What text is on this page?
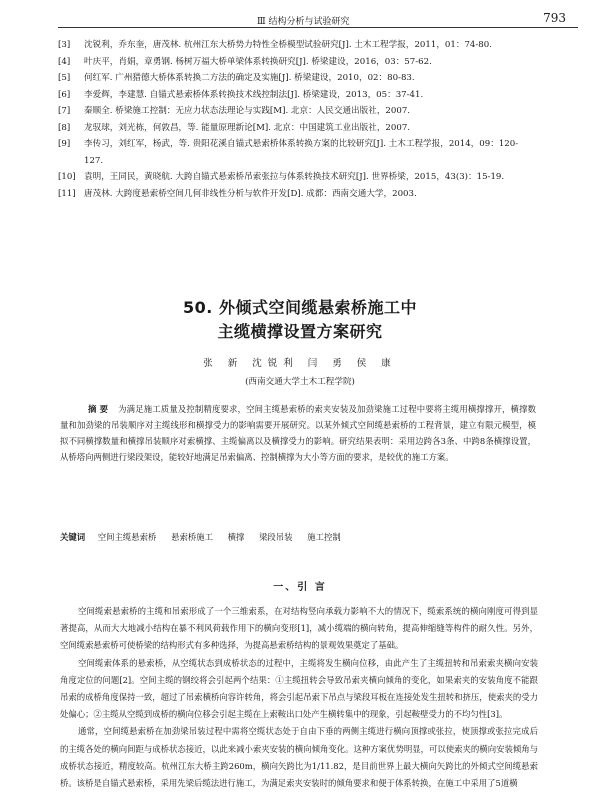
Ⅲ 结构分析与试验研究	793
[3] 沈锐利，乔东奎，唐茂林. 杭州江东大桥势力特性全桥模型试验研究[J]. 土木工程学报，2011，01：74-80.
[4] 叶庆平，肖娟，章勇钢. 杨树万福大桥单梁体系转换研究[J]. 桥梁建设，2016，03：57-62.
[5] 何红军. 广州猎德大桥体系转换二方法的确定及实施[J]. 桥梁建设，2010，02：80-83.
[6] 李爱辉，李建慧. 自锚式悬索桥体系转换技术线控制法[J]. 桥梁建设，2013，05：37-41.
[7] 秦顺全. 桥梁施工控制：无应力状态法理论与实践[M]. 北京：人民交通出版社，2007.
[8] 龙驭球，刘光栋，何敦昌，等. 能量原理新论[M]. 北京：中国建筑工业出版社，2007.
[9] 李传习，刘红军，杨武，等. 贵阳花溪自锚式悬索桥体系转换方案的比较研究[J]. 土木工程学报，2014，09：120-127.
[10] 袁明，王同民，黄晓航. 大跨自锚式悬索桥吊索张拉与体系转换技术研究[J]. 世界桥梁，2015，43(3)：15-19.
[11] 唐茂林. 大跨度悬索桥空间几何非线性分析与软件开发[D]. 成都：西南交通大学，2003.
50. 外倾式空间缆悬索桥施工中
主缆横撑设置方案研究
张 新 沈锐利 闫 勇 侯 康
(西南交通大学土木工程学院)
摘 要 为满足施工质量及控制精度要求，空间主缆悬索桥的索夹安装及加劲梁施工过程中要将主缆用横撑撑开，横撑数量和加劲梁的吊装顺序对主缆线形和横撑受力的影响需要开展研究。以某外倾式空间缆悬索桥的工程背景，建立有限元模型，模拟不同横撑数量和横撑吊装顺序对索横撑、主缆偏离以及横撑受力的影响。研究结果表明：采用边跨各3条、中跨8条横撑设置，从桥塔向两侧进行梁段架设，能较好地满足吊索偏离、控制横撑为大小等方面的要求，是较优的施工方案。
关键词 空间主缆悬索桥 悬索桥施工 横撑 梁段吊装 施工控制
一、引 言

空间缆索悬索桥的主缆和吊索形成了一个三维索系，在对结构竖向承载力影响不大的情况下，缆索系统的横向刚度可得到显著提高，从而大大地减小结构在暴不利风荷载作用下的横向变形[1]，减小缆端的横向转角，提高伸缩缝等构件的耐久性。另外，空间缆索悬索桥可使桥梁的结构形式有多种选择，为提高悬索桥结构的景观效果奠定了基础。

空间缆索体系的悬索桥，从空缆状态到成桥状态的过程中，主缆将发生横向位移，由此产生了主缆扭转和吊索索夹横向安装角度定位的问题[2]。空间主缆的钢绞将会引起两个结果：①主缆扭转会导致吊索夹横向倾角的变化，如果索夹的安装角度不能跟吊索的成桥角度保持一致，超过了吊索横桥向容许转角，将会引起吊索下吊点与梁段耳板在连接处发生扭转和挤压，使索夹的受力处偏心；②主缆从空缆到成桥的横向位移会引起主缆在上索鞍出口处产生横转集中的现象，引起鞍壁受力的不均匀性[3]。

通常，空间缆悬索桥在加劲梁吊装过程中需将空缆状态处于自由下垂的两侧主缆进行横向顶撑或张拉，使顶撑或张拉完成后的主缆各处的横向间距与成桥状态接近，以此来减小索夹安装的横向倾角变化。这种方案优势明显，可以使索夹的横向安装倾角与成桥状态接近，精度较高。杭州江东大桥主跨260m，横向矢跨比为1/11.82，是目前世界上最大横向矢跨比的外倾式空间缆悬索桥。该桥是自锚式悬索桥，采用先梁后缆法进行施工，为满足索夹安装时的倾角要求和便于体系转换，在施工中采用了5道横
